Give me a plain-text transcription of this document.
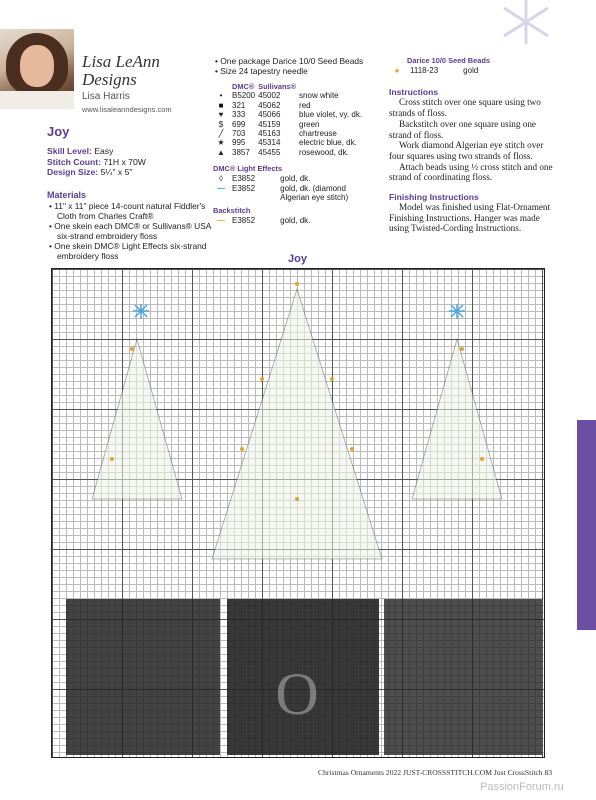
Lisa LeAnn Designs
Lisa Harris
www.lisaleanndesigns.com
Joy
Skill Level: Easy
Stitch Count: 71H x 70W
Design Size: 5¼" x 5"
Materials
• 11" x 11" piece 14-count natural Fiddler's Cloth from Charles Craft®
• One skein each DMC® or Sullivans® USA six-strand embroidery floss
• One skein DMC® Light Effects six-strand embroidery floss
• One package Darice 10/0 Seed Beads
• Size 24 tapestry needle
	DMC®	Sullivans®	
•	B5200	45002	snow white
■	321	45062	red
♥	333	45066	blue violet, vy. dk.
$	699	45159	green
╱	703	45163	chartreuse
★	995	45314	electric blue, dk.
▲	3857	45455	rosewood, dk.
DMC® Light Effects
◊	E3852	gold, dk.
—	E3852	gold, dk. (diamond Algerian eye stitch)
Backstitch
—	E3852	gold, dk.
Darice 10/0 Seed Beads
●	1118-23	gold
Instructions
Cross stitch over one square using two strands of floss.
Backstitch over one square using one strand of floss.
Work diamond Algerian eye stitch over four squares using two strands of floss.
Attach beads using ½ cross stitch and one strand of coordinating floss.
Finishing Instructions
Model was finished using Flat-Ornament Finishing Instructions. Hanger was made using Twisted-Cording Instructions.
Joy
O
Christmas Ornaments 2022 JUST-CROSSSTITCH.COM Just CrossStitch 83
PassionForum.ru
